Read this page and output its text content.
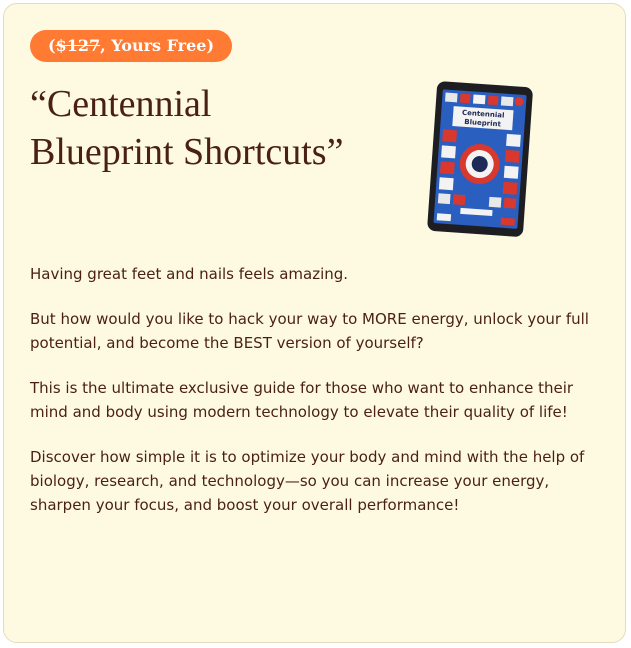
($127, Yours Free)
“Centennial
Blueprint Shortcuts”
Centennial
Blueprint

Having great feet and nails feels amazing.

But how would you like to hack your way to MORE energy, unlock your full potential, and become the BEST version of yourself?

This is the ultimate exclusive guide for those who want to enhance their mind and body using modern technology to elevate their quality of life!

Discover how simple it is to optimize your body and mind with the help of biology, research, and technology—so you can increase your energy, sharpen your focus, and boost your overall performance!
